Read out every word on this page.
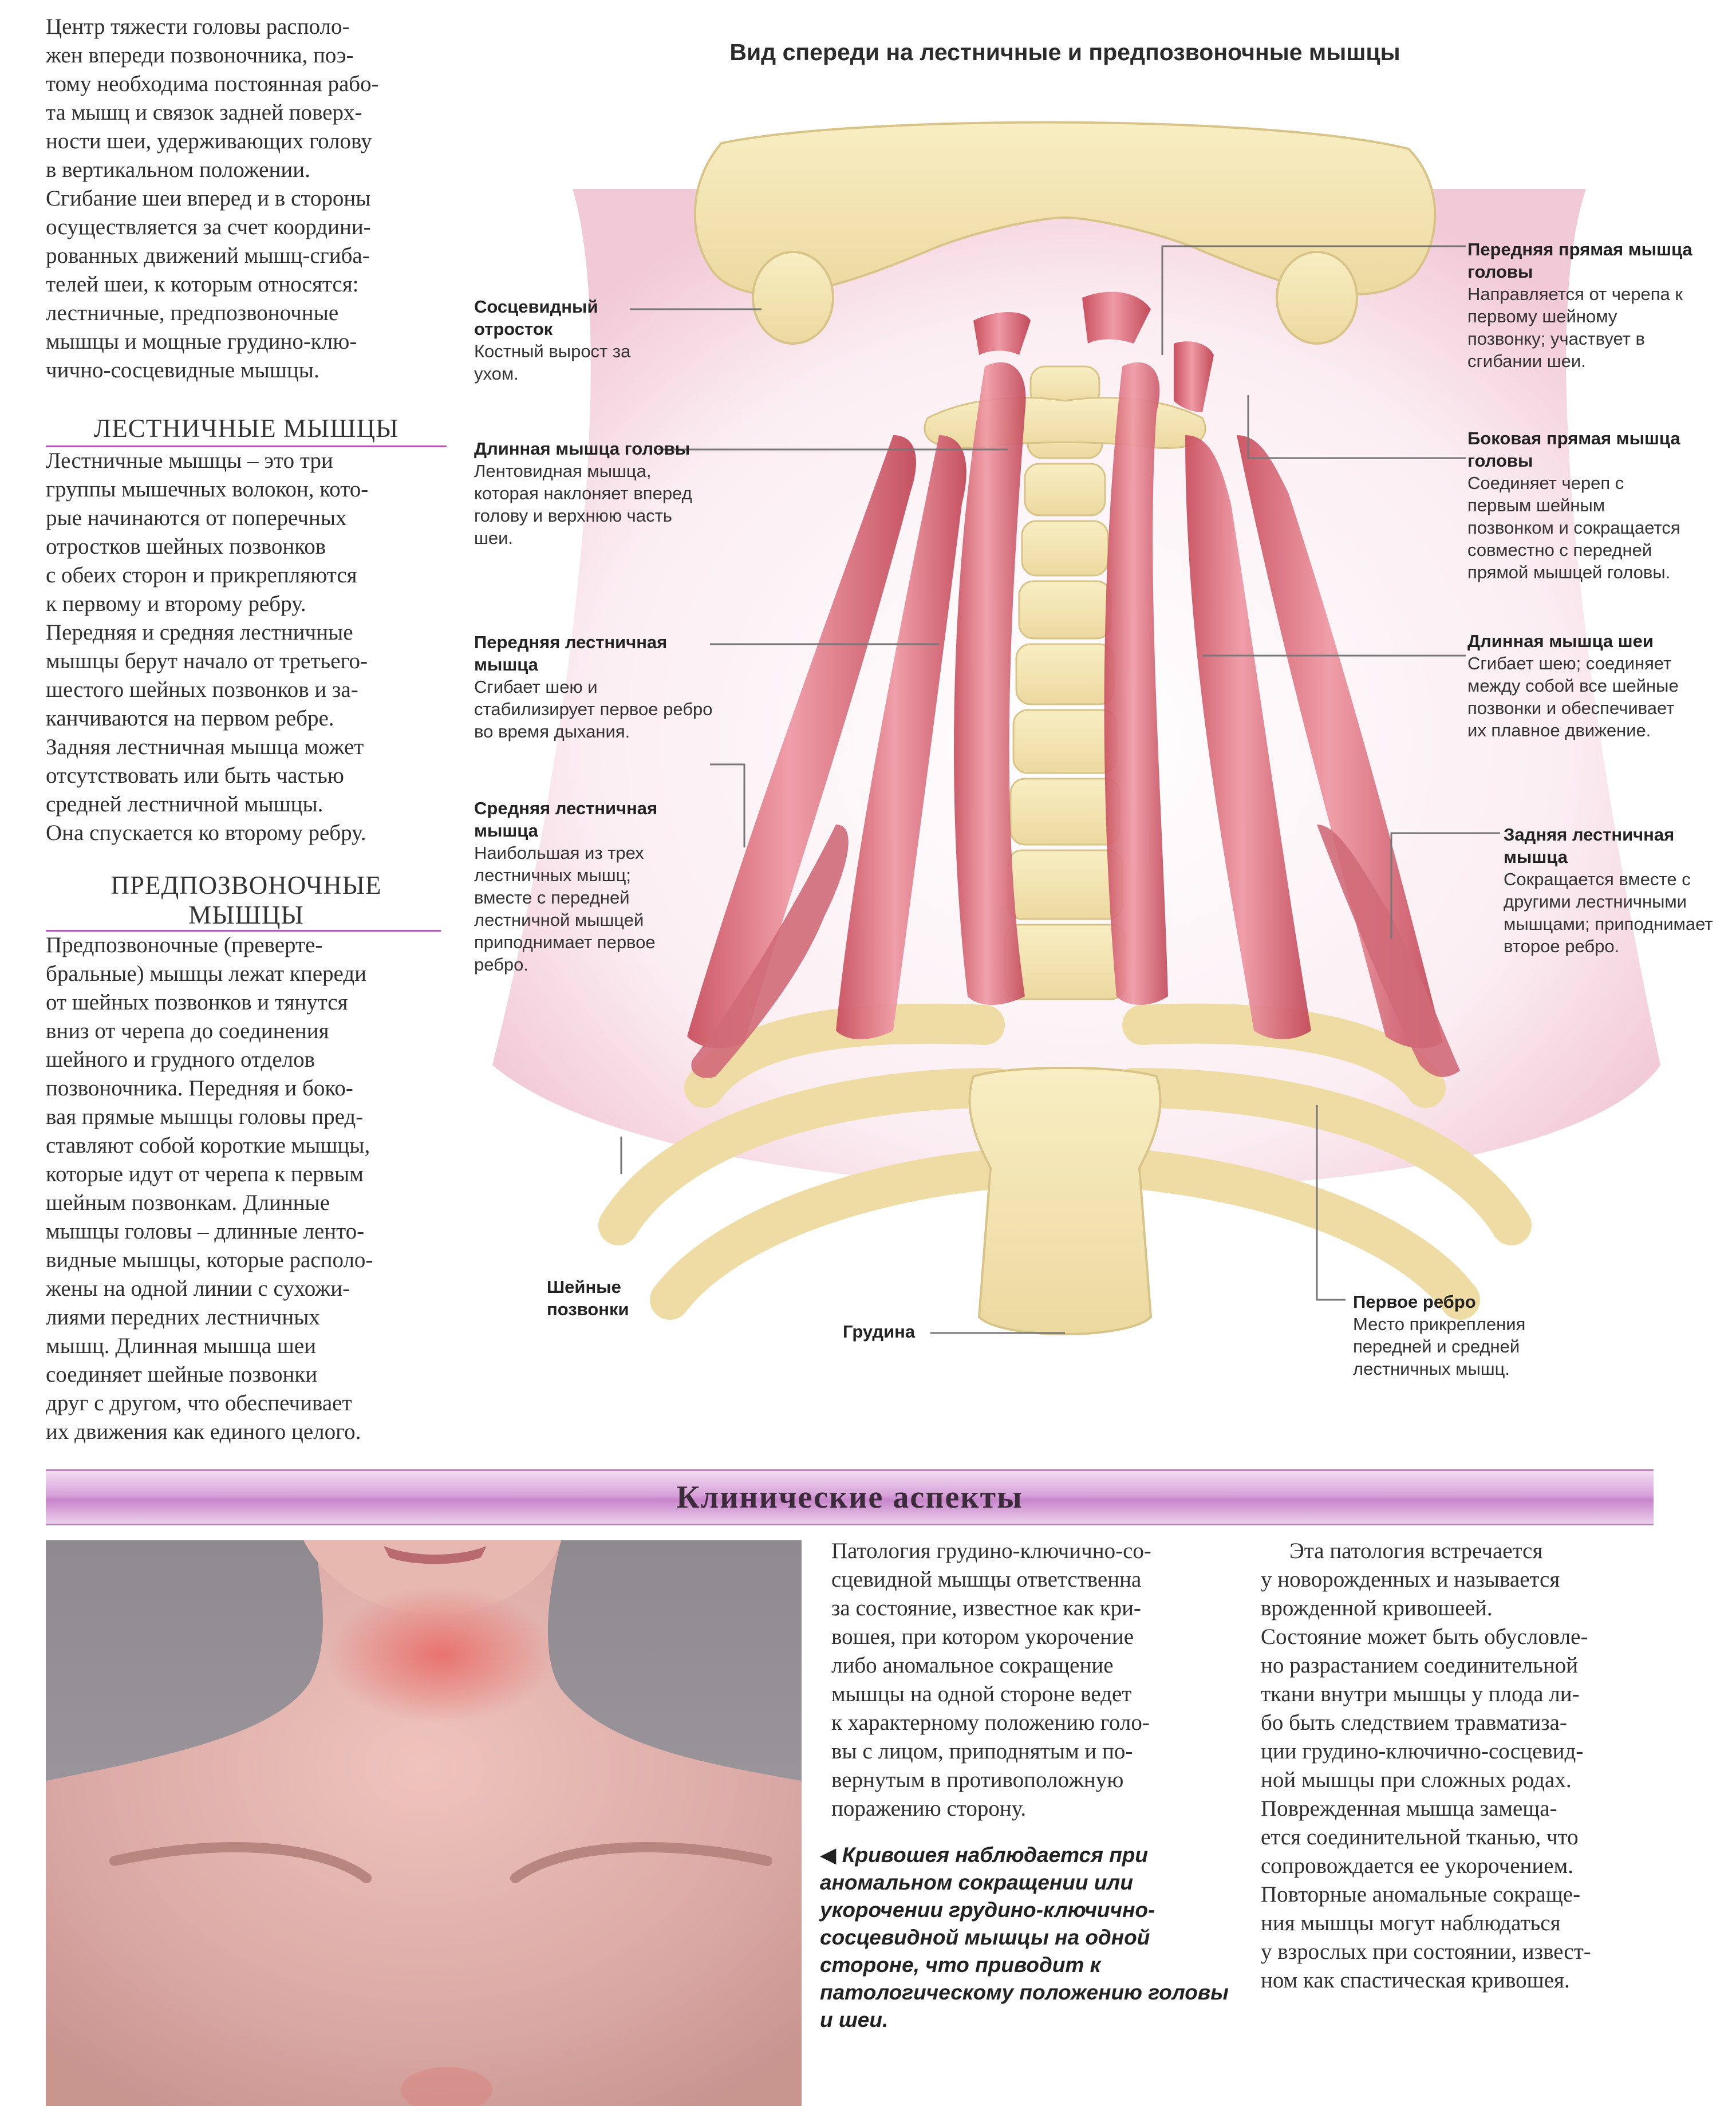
Центр тяжести головы располо-

жен впереди позвоночника, поэ-

тому необходима постоянная рабо-

та мышц и связок задней поверх-

ности шеи, удерживающих голову

в вертикальном положении.

Сгибание шеи вперед и в стороны

осуществляется за счет координи-

рованных движений мышц-сгиба-

телей шеи, к которым относятся:

лестничные, предпозвоночные

мышцы и мощные грудино-клю-

чично-сосцевидные мышцы.

ЛЕСТНИЧНЫЕ МЫШЦЫ

Лестничные мышцы – это три

группы мышечных волокон, кото-

рые начинаются от поперечных

отростков шейных позвонков

с обеих сторон и прикрепляются

к первому и второму ребру.

Передняя и средняя лестничные

мышцы берут начало от третьего-

шестого шейных позвонков и за-

канчиваются на первом ребре.

Задняя лестничная мышца может

отсутствовать или быть частью

средней лестничной мышцы.

Она спускается ко второму ребру.

ПРЕДПОЗВОНОЧНЫЕ
МЫШЦЫ

Предпозвоночные (преверте-

бральные) мышцы лежат кпереди

от шейных позвонков и тянутся

вниз от черепа до соединения

шейного и грудного отделов

позвоночника. Передняя и боко-

вая прямые мышцы головы пред-

ставляют собой короткие мышцы,

которые идут от черепа к первым

шейным позвонкам. Длинные

мышцы головы – длинные ленто-

видные мышцы, которые располо-

жены на одной линии с сухожи-

лиями передних лестничных

мышц. Длинная мышца шеи

соединяет шейные позвонки

друг с другом, что обеспечивает

их движения как единого целого.

Вид спереди на лестничные и предпозвоночные мышцы
Сосцевидный отросток
Костный вырост за ухом.
Длинная мышца головы
Лентовидная мышца, которая наклоняет вперед голову и верхнюю часть шеи.
Передняя лестничная мышца
Сгибает шею и стабилизирует первое ребро во время дыхания.
Средняя лестничная мышца
Наибольшая из трех лестничных мышц; вместе с передней лестничной мышцей приподнимает первое ребро.
Шейные позвонки
Грудина
Передняя прямая мышца головы
Направляется от черепа к первому шейному позвонку; участвует в сгибании шеи.
Боковая прямая мышца головы
Соединяет череп с первым шейным позвонком и сокращается совместно с передней прямой мышцей головы.
Длинная мышца шеи
Сгибает шею; соединяет между собой все шейные позвонки и обеспечивает их плавное движение.
Задняя лестничная мышца
Сокращается вместе с другими лестничными мышцами; приподнимает второе ребро.
Первое ребро
Место прикрепления передней и средней лестничных мышц.
Клинические аспекты

Патология грудино-ключично-со-

сцевидной мышцы ответственна

за состояние, известное как кри-

вошея, при котором укорочение

либо аномальное сокращение

мышцы на одной стороне ведет

к характерному положению голо-

вы с лицом, приподнятым и по-

вернутым в противоположную

поражению сторону.

◀ Кривошея наблюдается при аномальном сокращении или укорочении грудино-ключично-сосцевидной мышцы на одной стороне, что приводит к патологическому положению головы и шеи.

Эта патология встречается

у новорожденных и называется

врожденной кривошеей.

Состояние может быть обусловле-

но разрастанием соединительной

ткани внутри мышцы у плода ли-

бо быть следствием травматиза-

ции грудино-ключично-сосцевид-

ной мышцы при сложных родах.

Поврежденная мышца замеща-

ется соединительной тканью, что

сопровождается ее укорочением.

Повторные аномальные сокраще-

ния мышцы могут наблюдаться

у взрослых при состоянии, извест-

ном как спастическая кривошея.
